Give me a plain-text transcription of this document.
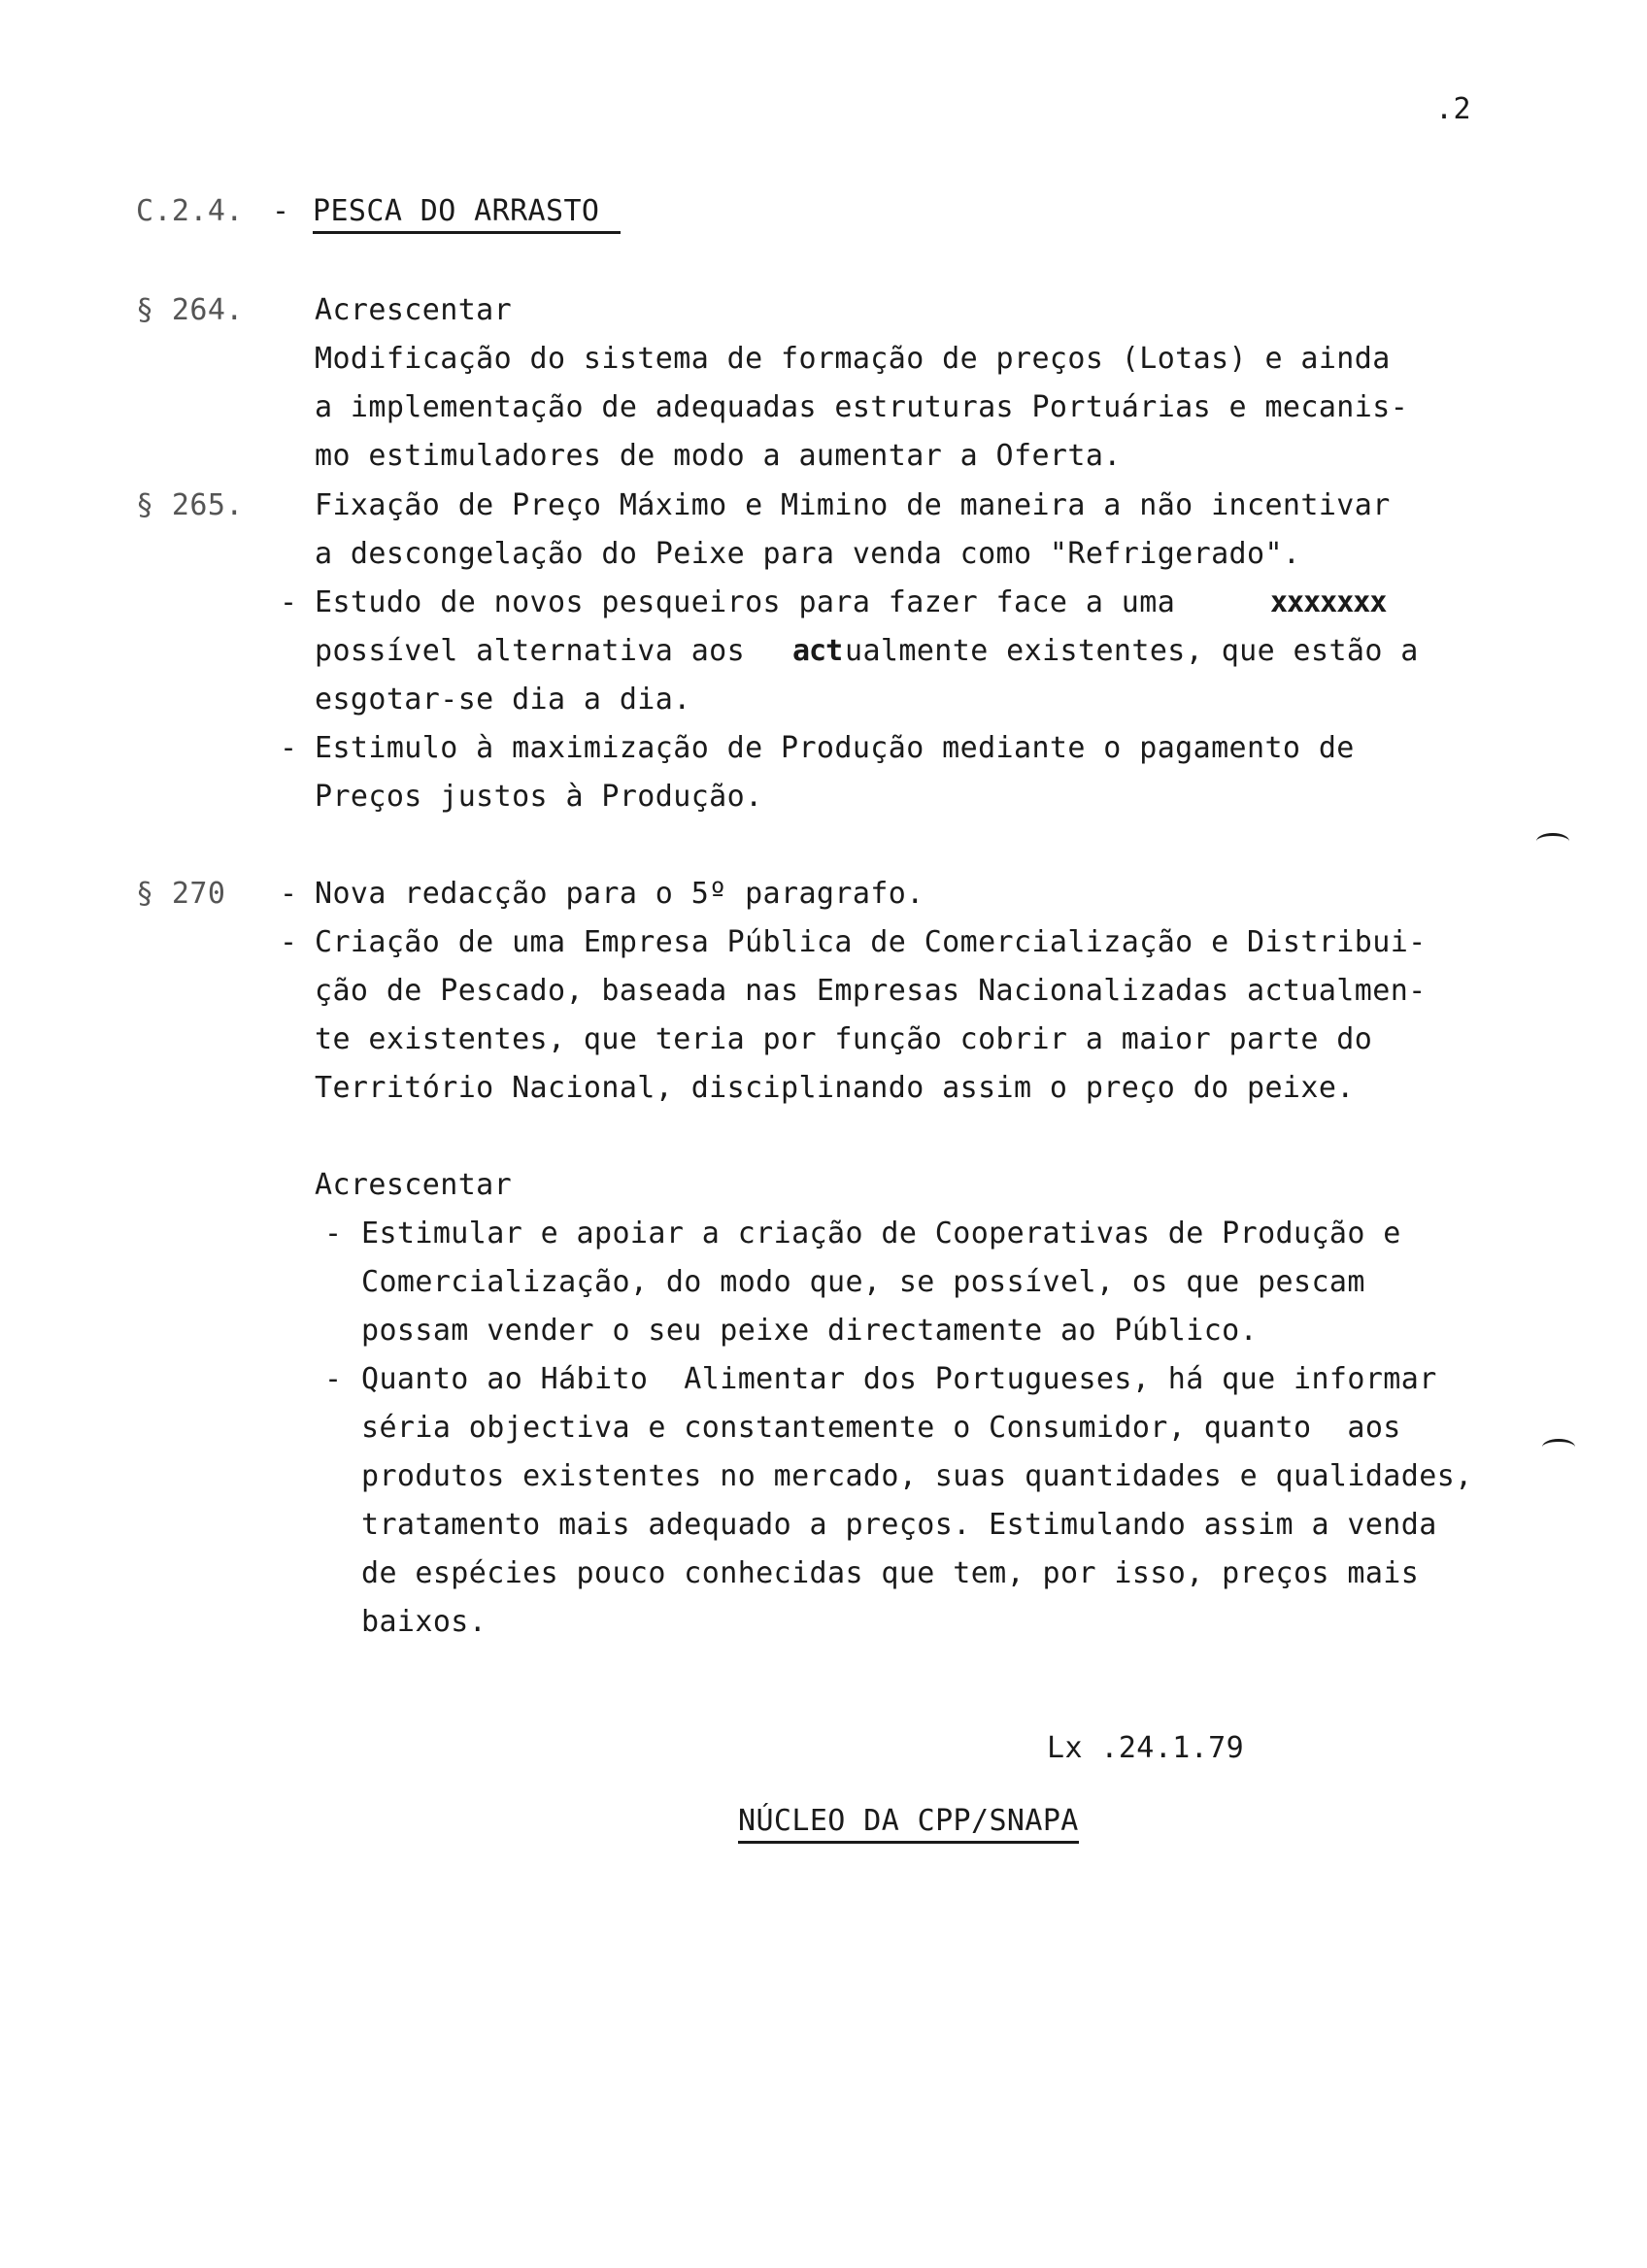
.2
C.2.4. - PESCA DO ARRASTO
§ 264. Acrescentar
Modificação do sistema de formação de preços (Lotas) e ainda
a implementação de adequadas estruturas Portuárias e mecanis-
mo estimuladores de modo a aumentar a Oferta.
§ 265. Fixação de Preço Máximo e Mimino de maneira a não incentivar
a descongelação do Peixe para venda como "Refrigerado".
- Estudo de novos pesqueiros para fazer face a uma	xxxxxxx
possível alternativa aos act ualmente existentes, que estão a
esgotar-se dia a dia.
- Estimulo à maximização de Produção mediante o pagamento de
Preços justos à Produção.
§ 270 - Nova redacção para o 5º paragrafo.
- Criação de uma Empresa Pública de Comercialização e Distribui-
ção de Pescado, baseada nas Empresas Nacionalizadas actualmen-
te existentes, que teria por função cobrir a maior parte do
Território Nacional, disciplinando assim o preço do peixe.
Acrescentar
- Estimular e apoiar a criação de Cooperativas de Produção e
Comercialização, do modo que, se possível, os que pescam
possam vender o seu peixe directamente ao Público.
- Quanto ao Hábito  Alimentar dos Portugueses, há que informar
séria objectiva e constantemente o Consumidor, quanto  aos
produtos existentes no mercado, suas quantidades e qualidades,
tratamento mais adequado a preços. Estimulando assim a venda
de espécies pouco conhecidas que tem, por isso, preços mais
baixos.
Lx .24.1.79
NÚCLEO DA CPP/SNAPA
